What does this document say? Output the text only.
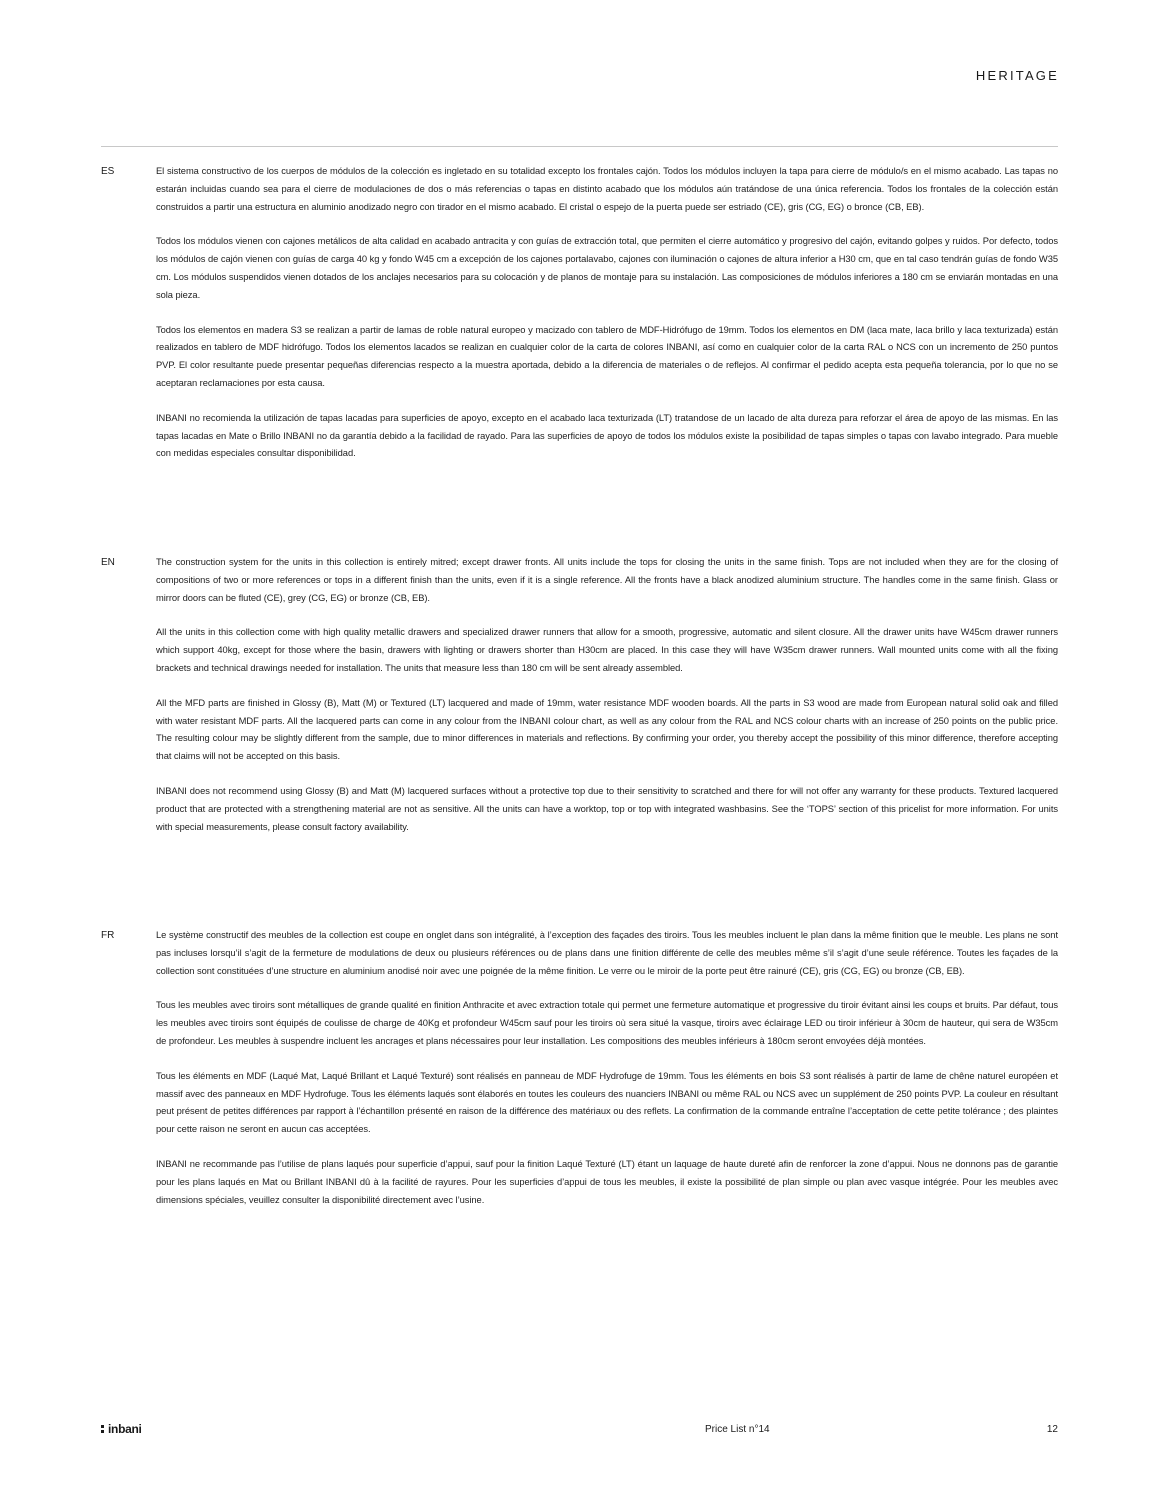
HERITAGE
ES	El sistema constructivo de los cuerpos de módulos de la colección es ingletado en su totalidad excepto los frontales cajón. Todos los módulos incluyen la tapa para cierre de módulo/s en el mismo acabado. Las tapas no estarán incluidas cuando sea para el cierre de modulaciones de dos o más referencias o tapas en distinto acabado que los módulos aún tratándose de una única referencia. Todos los frontales de la colección están construidos a partir una estructura en aluminio anodizado negro con tirador en el mismo acabado. El cristal o espejo de la puerta puede ser estriado (CE), gris (CG, EG) o bronce (CB, EB).

Todos los módulos vienen con cajones metálicos de alta calidad en acabado antracita y con guías de extracción total, que permiten el cierre automático y progresivo del cajón, evitando golpes y ruidos. Por defecto, todos los módulos de cajón vienen con guías de carga 40 kg y fondo W45 cm a excepción de los cajones portalavabo, cajones con iluminación o cajones de altura inferior a H30 cm, que en tal caso tendrán guías de fondo W35 cm. Los módulos suspendidos vienen dotados de los anclajes necesarios para su colocación y de planos de montaje para su instalación. Las composiciones de módulos inferiores a 180 cm se enviarán montadas en una sola pieza.

Todos los elementos en madera S3 se realizan a partir de lamas de roble natural europeo y macizado con tablero de MDF-Hidrófugo de 19mm. Todos los elementos en DM (laca mate, laca brillo y laca texturizada) están realizados en tablero de MDF hidrófugo. Todos los elementos lacados se realizan en cualquier color de la carta de colores INBANI, así como en cualquier color de la carta RAL o NCS con un incremento de 250 puntos PVP. El color resultante puede presentar pequeñas diferencias respecto a la muestra aportada, debido a la diferencia de materiales o de reflejos. Al confirmar el pedido acepta esta pequeña tolerancia, por lo que no se aceptaran reclamaciones por esta causa.

INBANI no recomienda la utilización de tapas lacadas para superficies de apoyo, excepto en el acabado laca texturizada (LT) tratandose de un lacado de alta dureza para reforzar el área de apoyo de las mismas. En las tapas lacadas en Mate o Brillo INBANI no da garantía debido a la facilidad de rayado. Para las superficies de apoyo de todos los módulos existe la posibilidad de tapas simples o tapas con lavabo integrado. Para mueble con medidas especiales consultar disponibilidad.

EN	The construction system for the units in this collection is entirely mitred; except drawer fronts. All units include the tops for closing the units in the same finish. Tops are not included when they are for the closing of compositions of two or more references or tops in a different finish than the units, even if it is a single reference. All the fronts have a black anodized aluminium structure. The handles come in the same finish. Glass or mirror doors can be fluted (CE), grey (CG, EG) or bronze (CB, EB).

All the units in this collection come with high quality metallic drawers and specialized drawer runners that allow for a smooth, progressive, automatic and silent closure. All the drawer units have W45cm drawer runners which support 40kg, except for those where the basin, drawers with lighting or drawers shorter than H30cm are placed. In this case they will have W35cm drawer runners. Wall mounted units come with all the fixing brackets and technical drawings needed for installation. The units that measure less than 180 cm will be sent already assembled.

All the MFD parts are finished in Glossy (B), Matt (M) or Textured (LT) lacquered and made of 19mm, water resistance MDF wooden boards. All the parts in S3 wood are made from European natural solid oak and filled with water resistant MDF parts. All the lacquered parts can come in any colour from the INBANI colour chart, as well as any colour from the RAL and NCS colour charts with an increase of 250 points on the public price. The resulting colour may be slightly different from the sample, due to minor differences in materials and reflections. By confirming your order, you thereby accept the possibility of this minor difference, therefore accepting that claims will not be accepted on this basis.

INBANI does not recommend using Glossy (B) and Matt (M) lacquered surfaces without a protective top due to their sensitivity to scratched and there for will not offer any warranty for these products. Textured lacquered product that are protected with a strengthening material are not as sensitive. All the units can have a worktop, top or top with integrated washbasins. See the ‘TOPS’ section of this pricelist for more information. For units with special measurements, please consult factory availability.

FR	Le système constructif des meubles de la collection est coupe en onglet dans son intégralité, à l’exception des façades des tiroirs. Tous les meubles incluent le plan dans la même finition que le meuble. Les plans ne sont pas incluses lorsqu’il s’agit de la fermeture de modulations de deux ou plusieurs références ou de plans dans une finition différente de celle des meubles même s’il s’agit d’une seule référence. Toutes les façades de la collection sont constituées d’une structure en aluminium anodisé noir avec une poignée de la même finition. Le verre ou le miroir de la porte peut être rainuré (CE), gris (CG, EG) ou bronze (CB, EB).

Tous les meubles avec tiroirs sont métalliques de grande qualité en finition Anthracite et avec extraction totale qui permet une fermeture automatique et progressive du tiroir évitant ainsi les coups et bruits. Par défaut, tous les meubles avec tiroirs sont équipés de coulisse de charge de 40Kg et profondeur W45cm sauf pour les tiroirs où sera situé la vasque, tiroirs avec éclairage LED ou tiroir inférieur à 30cm de hauteur, qui sera de W35cm de profondeur. Les meubles à suspendre incluent les ancrages et plans nécessaires pour leur installation. Les compositions des meubles inférieurs à 180cm seront envoyées déjà montées.

Tous les éléments en MDF (Laqué Mat, Laqué Brillant et Laqué Texturé) sont réalisés en panneau de MDF Hydrofuge de 19mm. Tous les éléments en bois S3 sont réalisés à partir de lame de chêne naturel européen et massif avec des panneaux en MDF Hydrofuge. Tous les éléments laqués sont élaborés en toutes les couleurs des nuanciers INBANI ou même RAL ou NCS avec un supplément de 250 points PVP. La couleur en résultant peut présent de petites différences par rapport à l’échantillon présenté en raison de la différence des matériaux ou des reflets. La confirmation de la commande entraîne l’acceptation de cette petite tolérance ; des plaintes pour cette raison ne seront en aucun cas acceptées.

INBANI ne recommande pas l’utilise de plans laqués pour superficie d’appui, sauf pour la finition Laqué Texturé (LT) étant un laquage de haute dureté afin de renforcer la zone d’appui. Nous ne donnons pas de garantie pour les plans laqués en Mat ou Brillant INBANI dû à la facilité de rayures. Pour les superficies d’appui de tous les meubles, il existe la possibilité de plan simple ou plan avec vasque intégrée. Pour les meubles avec dimensions spéciales, veuillez consulter la disponibilité directement avec l’usine.

inbani	Price List n°14	12
